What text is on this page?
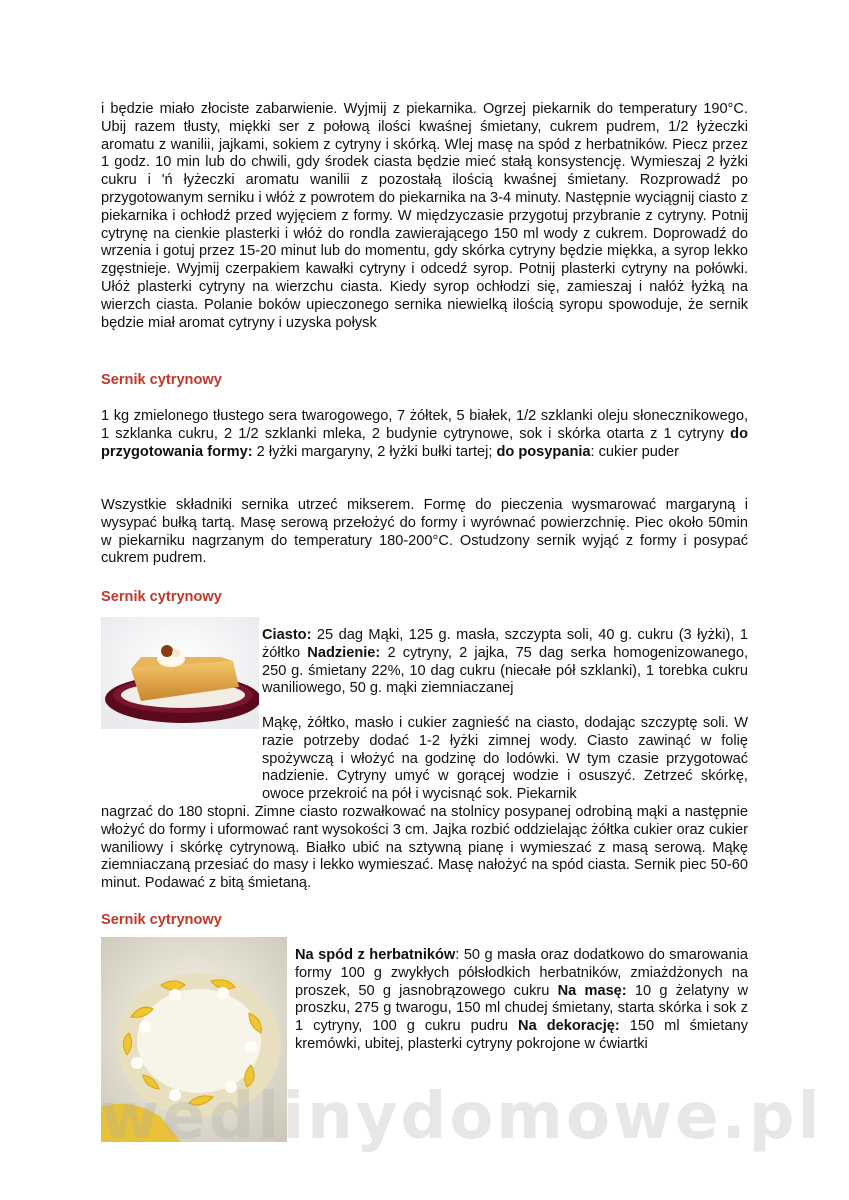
i będzie miało złociste zabarwienie. Wyjmij z piekarnika. Ogrzej piekarnik do temperatury 190°C. Ubij razem tłusty, miękki ser z połową ilości kwaśnej śmietany, cukrem pudrem, 1/2 łyżeczki aromatu z wanilii, jajkami, sokiem z cytryny i skórką. Wlej masę na spód z herbatników. Piecz przez 1 godz. 10 min lub do chwili, gdy środek ciasta będzie mieć stałą konsystencję. Wymieszaj 2 łyżki cukru i 'ń łyżeczki aromatu wanilii z pozostałą ilością kwaśnej śmietany. Rozprowadź po przygotowanym serniku i włóż z powrotem do piekarnika na 3-4 minuty. Następnie wyciągnij ciasto z piekarnika i ochłodź przed wyjęciem z formy. W międzyczasie przygotuj przybranie z cytryny. Potnij cytrynę na cienkie plasterki i włóż do rondla zawierającego 150 ml wody z cukrem. Doprowadź do wrzenia i gotuj przez 15-20 minut lub do momentu, gdy skórka cytryny będzie miękka, a syrop lekko zgęstnieje. Wyjmij czerpakiem kawałki cytryny i odcedź syrop. Potnij plasterki cytryny na połówki. Ułóż plasterki cytryny na wierzchu ciasta. Kiedy syrop ochłodzi się, zamieszaj i nałóż łyżką na wierzch ciasta. Polanie boków upieczonego sernika niewielką ilością syropu spowoduje, że sernik będzie miał aromat cytryny i uzyska połysk

Sernik cytrynowy

1 kg zmielonego tłustego sera twarogowego, 7 żółtek, 5 białek, 1/2 szklanki oleju słonecznikowego, 1 szklanka cukru, 2 1/2 szklanki mleka, 2 budynie cytrynowe, sok i skórka otarta z 1 cytryny do przygotowania formy: 2 łyżki margaryny, 2 łyżki bułki tartej; do posypania: cukier puder

Wszystkie składniki sernika utrzeć mikserem. Formę do pieczenia wysmarować margaryną i wysypać bułką tartą. Masę serową przełożyć do formy i wyrównać powierzchnię. Piec około 50min w piekarniku nagrzanym do temperatury 180-200°C. Ostudzony sernik wyjąć z formy i posypać cukrem pudrem.

Sernik cytrynowy

Ciasto: 25 dag Mąki, 125 g. masła, szczypta soli, 40 g. cukru (3 łyżki), 1 żółtko Nadzienie: 2 cytryny, 2 jajka, 75 dag serka homogenizowanego, 250 g. śmietany 22%, 10 dag cukru (niecałe pół szklanki), 1 torebka cukru waniliowego, 50 g. mąki ziemniaczanej

Mąkę, żółtko, masło i cukier zagnieść na ciasto, dodając szczyptę soli. W razie potrzeby dodać 1-2 łyżki zimnej wody. Ciasto zawinąć w folię spożywczą i włożyć na godzinę do lodówki. W tym czasie przygotować nadzienie. Cytryny umyć w gorącej wodzie i osuszyć. Zetrzeć skórkę, owoce przekroić na pół i wycisnąć sok. Piekarnik

nagrzać do 180 stopni. Zimne ciasto rozwałkować na stolnicy posypanej odrobiną mąki a następnie włożyć do formy i uformować rant wysokości 3 cm. Jajka rozbić oddzielając żółtka cukier oraz cukier waniliowy i skórkę cytrynową. Białko ubić na sztywną pianę i wymieszać z masą serową. Mąkę ziemniaczaną przesiać do masy i lekko wymieszać. Masę nałożyć na spód ciasta. Sernik piec 50-60 minut. Podawać z bitą śmietaną.

Sernik cytrynowy

Na spód z herbatników: 50 g masła oraz dodatkowo do smarowania formy 100 g zwykłych półsłodkich herbatników, zmiażdżonych na proszek, 50 g jasnobrązowego cukru Na masę: 10 g żelatyny w proszku, 275 g twarogu, 150 ml chudej śmietany, starta skórka i sok z 1 cytryny, 100 g cukru pudru Na dekorację: 150 ml śmietany kremówki, ubitej, plasterki cytryny pokrojone w ćwiartki

wedlinydomowe.pl
